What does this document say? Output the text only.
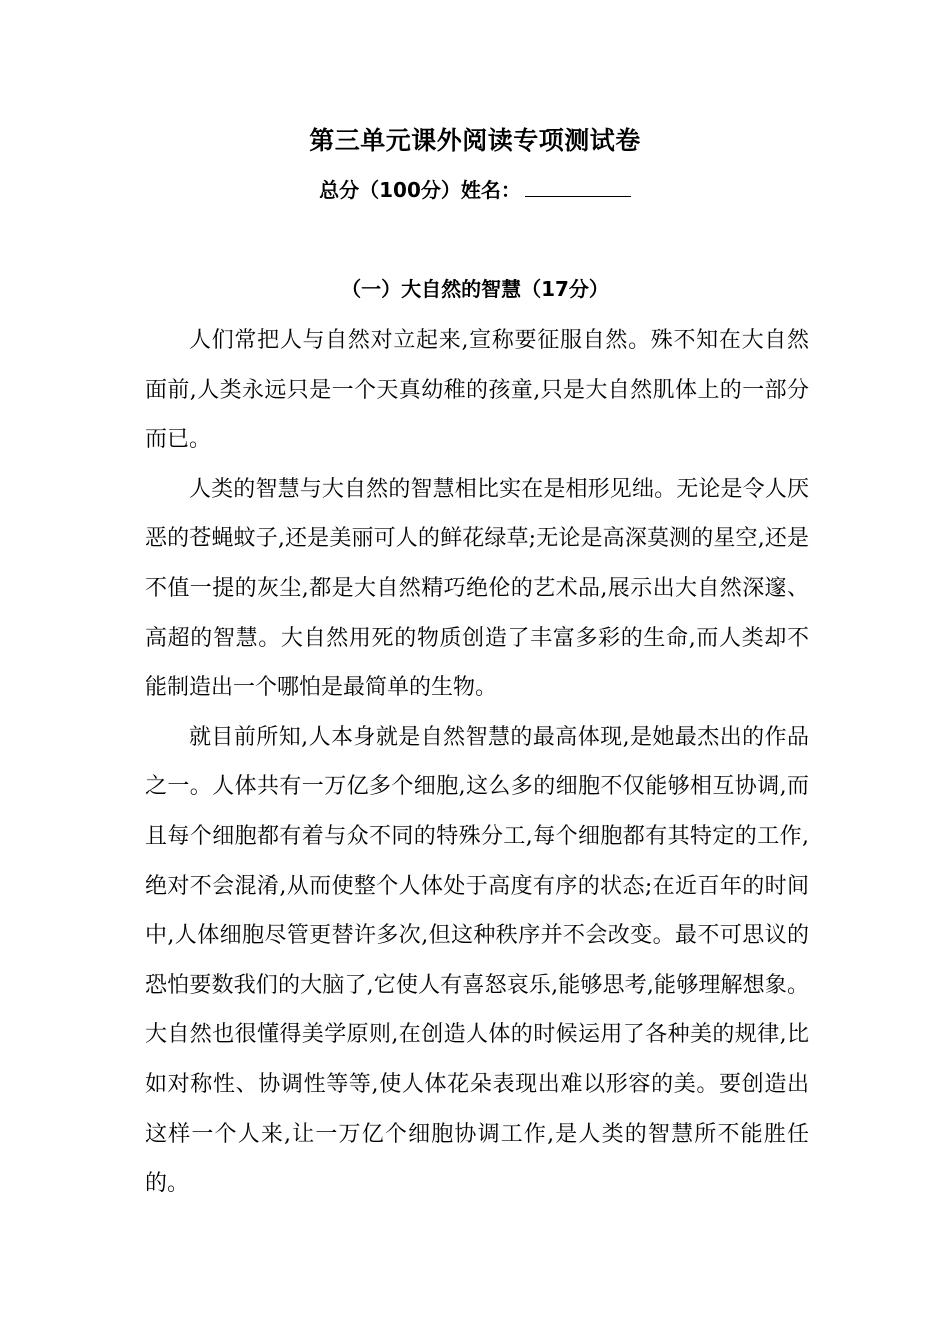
第三单元课外阅读专项测试卷
总分（100分）姓名：
（一）大自然的智慧（17分）

人们常把人与自然对立起来,宣称要征服自然。殊不知在大自然面前,人类永远只是一个天真幼稚的孩童,只是大自然肌体上的一部分而已。

人类的智慧与大自然的智慧相比实在是相形见绌。无论是令人厌恶的苍蝇蚊子,还是美丽可人的鲜花绿草;无论是高深莫测的星空,还是不值一提的灰尘,都是大自然精巧绝伦的艺术品,展示出大自然深邃、高超的智慧。大自然用死的物质创造了丰富多彩的生命,而人类却不能制造出一个哪怕是最简单的生物。

就目前所知,人本身就是自然智慧的最高体现,是她最杰出的作品之一。人体共有一万亿多个细胞,这么多的细胞不仅能够相互协调,而且每个细胞都有着与众不同的特殊分工,每个细胞都有其特定的工作,绝对不会混淆,从而使整个人体处于高度有序的状态;在近百年的时间中,人体细胞尽管更替许多次,但这种秩序并不会改变。最不可思议的恐怕要数我们的大脑了,它使人有喜怒哀乐,能够思考,能够理解想象。大自然也很懂得美学原则,在创造人体的时候运用了各种美的规律,比如对称性、协调性等等,使人体花朵表现出难以形容的美。要创造出这样一个人来,让一万亿个细胞协调工作,是人类的智慧所不能胜任的。
